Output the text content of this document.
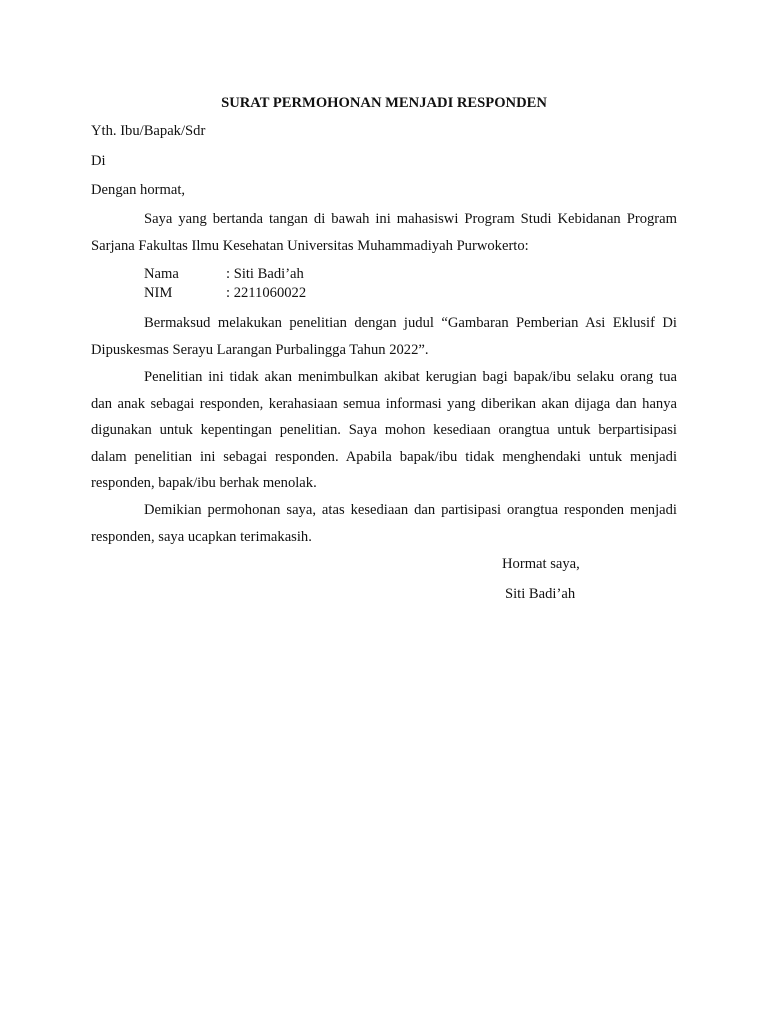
SURAT PERMOHONAN MENJADI RESPONDEN
Yth. Ibu/Bapak/Sdr
Di
Dengan hormat,
Saya yang bertanda tangan di bawah ini mahasiswi Program Studi Kebidanan Program Sarjana Fakultas Ilmu Kesehatan Universitas Muhammadiyah Purwokerto:
Nama	: Siti Badi’ah
NIM	: 2211060022
Bermaksud melakukan penelitian dengan judul “Gambaran Pemberian Asi Eklusif Di Dipuskesmas Serayu Larangan Purbalingga Tahun 2022”.
Penelitian ini tidak akan menimbulkan akibat kerugian bagi bapak/ibu selaku orang tua dan anak sebagai responden, kerahasiaan semua informasi yang diberikan akan dijaga dan hanya digunakan untuk kepentingan penelitian. Saya mohon kesediaan orangtua untuk berpartisipasi dalam penelitian ini sebagai responden. Apabila bapak/ibu tidak menghendaki untuk menjadi responden, bapak/ibu berhak menolak.
Demikian permohonan saya, atas kesediaan dan partisipasi orangtua responden menjadi responden, saya ucapkan terimakasih.
Hormat saya,
Siti Badi’ah
